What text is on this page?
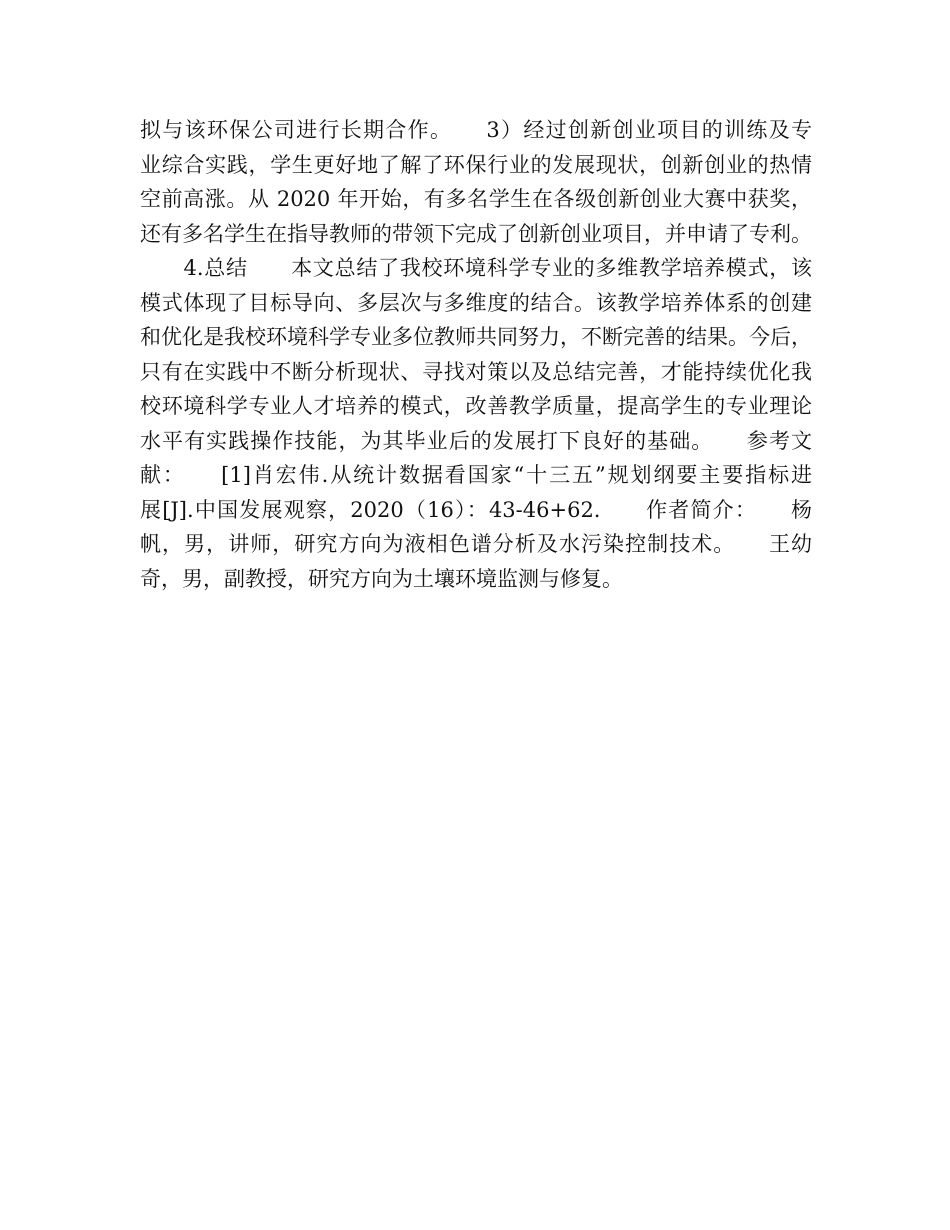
拟与该环保公司进行长期合作。　　3）经过创新创业项目的训练及专
业综合实践，学生更好地了解了环保行业的发展现状，创新创业的热情
空前高涨。从 2020 年开始，有多名学生在各级创新创业大赛中获奖，
还有多名学生在指导教师的带领下完成了创新创业项目，并申请了专利。
　　4.总结　　本文总结了我校环境科学专业的多维教学培养模式，该
模式体现了目标导向、多层次与多维度的结合。该教学培养体系的创建
和优化是我校环境科学专业多位教师共同努力，不断完善的结果。今后，
只有在实践中不断分析现状、寻找对策以及总结完善，才能持续优化我
校环境科学专业人才培养的模式，改善教学质量，提高学生的专业理论
水平有实践操作技能，为其毕业后的发展打下良好的基础。　　参考文
献：　　[1]肖宏伟.从统计数据看国家“十三五”规划纲要主要指标进
展[J].中国发展观察，2020（16）：43-46+62.　　作者简介：　　杨
帆，男，讲师，研究方向为液相色谱分析及水污染控制技术。　　王幼
奇，男，副教授，研究方向为土壤环境监测与修复。
